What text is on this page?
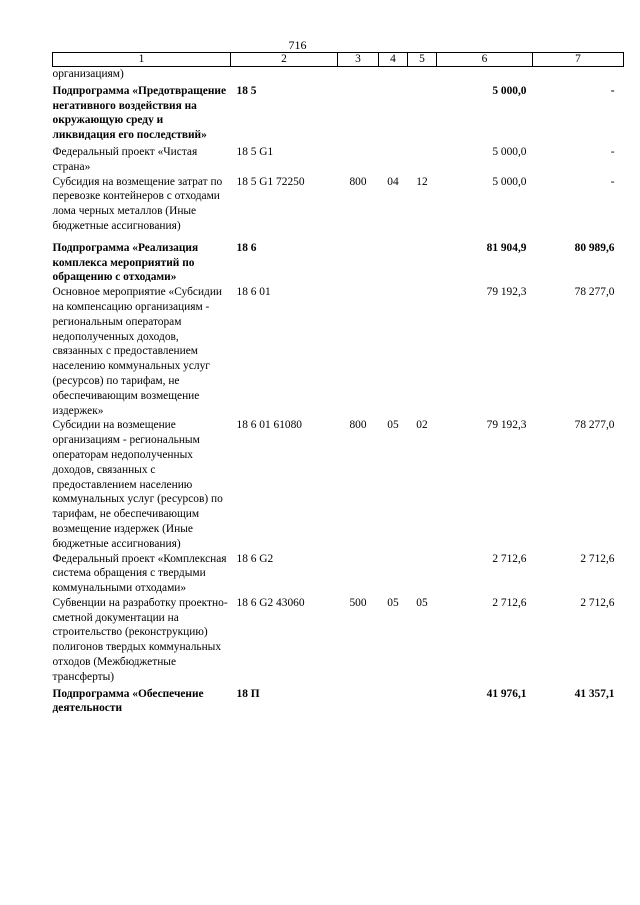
716
1	2	3	4	5	6	7
организациям)						
Подпрограмма «Предотвращение негативного воздействия на окружающую среду и ликвидация его последствий»	18 5				5 000,0	-
Федеральный проект «Чистая страна»	18 5 G1				5 000,0	-
Субсидия на возмещение затрат по перевозке контейнеров с отходами лома черных металлов (Иные бюджетные ассигнования)	18 5 G1 72250	800	04	12	5 000,0	-
Подпрограмма «Реализация комплекса мероприятий по обращению с отходами»	18 6				81 904,9	80 989,6
Основное мероприятие «Субсидии на компенсацию организациям - региональным операторам недополученных доходов, связанных с предоставлением населению коммунальных услуг (ресурсов) по тарифам, не обеспечивающим возмещение издержек»	18 6 01				79 192,3	78 277,0
Субсидии на возмещение организациям - региональным операторам недополученных доходов, связанных с предоставлением населению коммунальных услуг (ресурсов) по тарифам, не обеспечивающим возмещение издержек (Иные бюджетные ассигнования)	18 6 01 61080	800	05	02	79 192,3	78 277,0
Федеральный проект «Комплексная система обращения с твердыми коммунальными отходами»	18 6 G2				2 712,6	2 712,6
Субвенции на разработку проектно-сметной документации на строительство (реконструкцию) полигонов твердых коммунальных отходов (Межбюджетные трансферты)	18 6 G2 43060	500	05	05	2 712,6	2 712,6
Подпрограмма «Обеспечение деятельности	18 П				41 976,1	41 357,1
